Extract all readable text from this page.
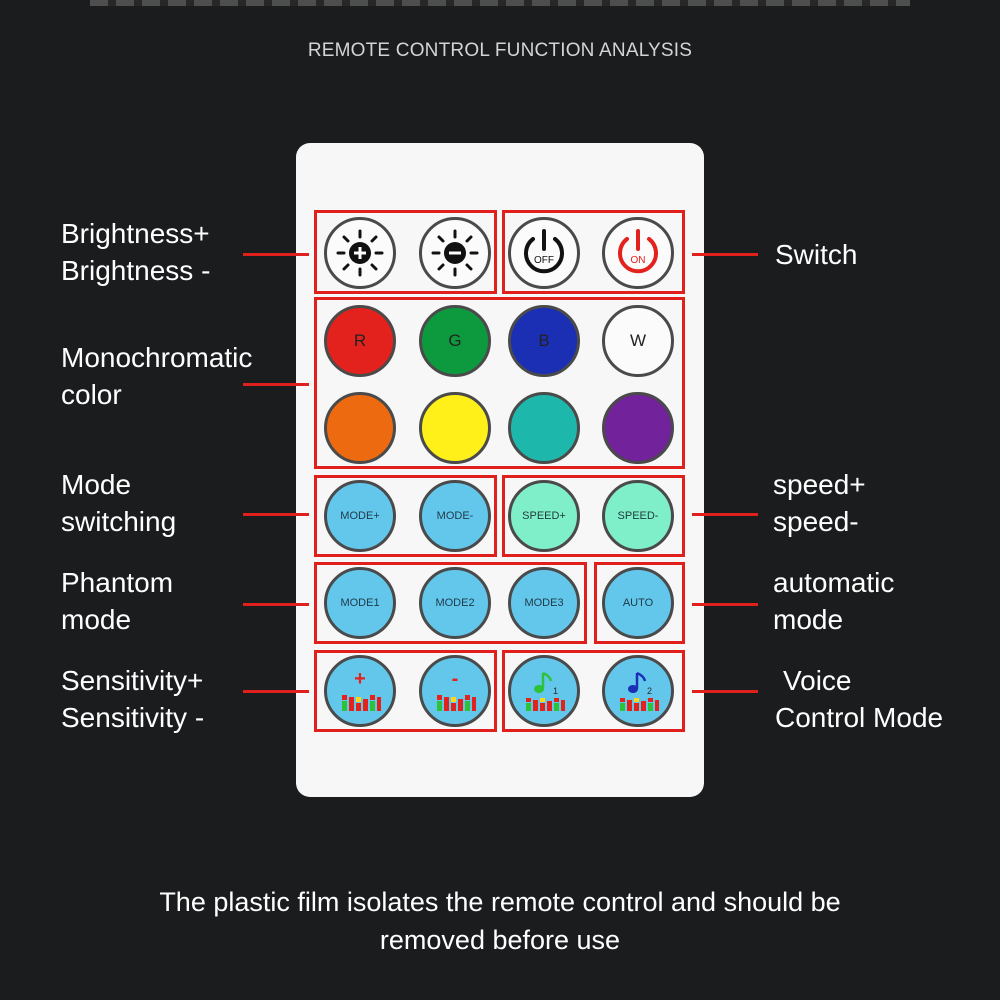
REMOTE CONTROL FUNCTION ANALYSIS
OFF	ON
R	G	B	W
MODE+	MODE-	SPEED+	SPEED-
MODE1	MODE2	MODE3	AUTO
+	-
1	2
Brightness+
Brightness -
Monochromatic
color
Mode
switching
Phantom
mode
Sensitivity+
Sensitivity -
Switch
speed+
speed-
automatic
mode
Voice
Control Mode
The plastic film isolates the remote control and should be
removed before use
